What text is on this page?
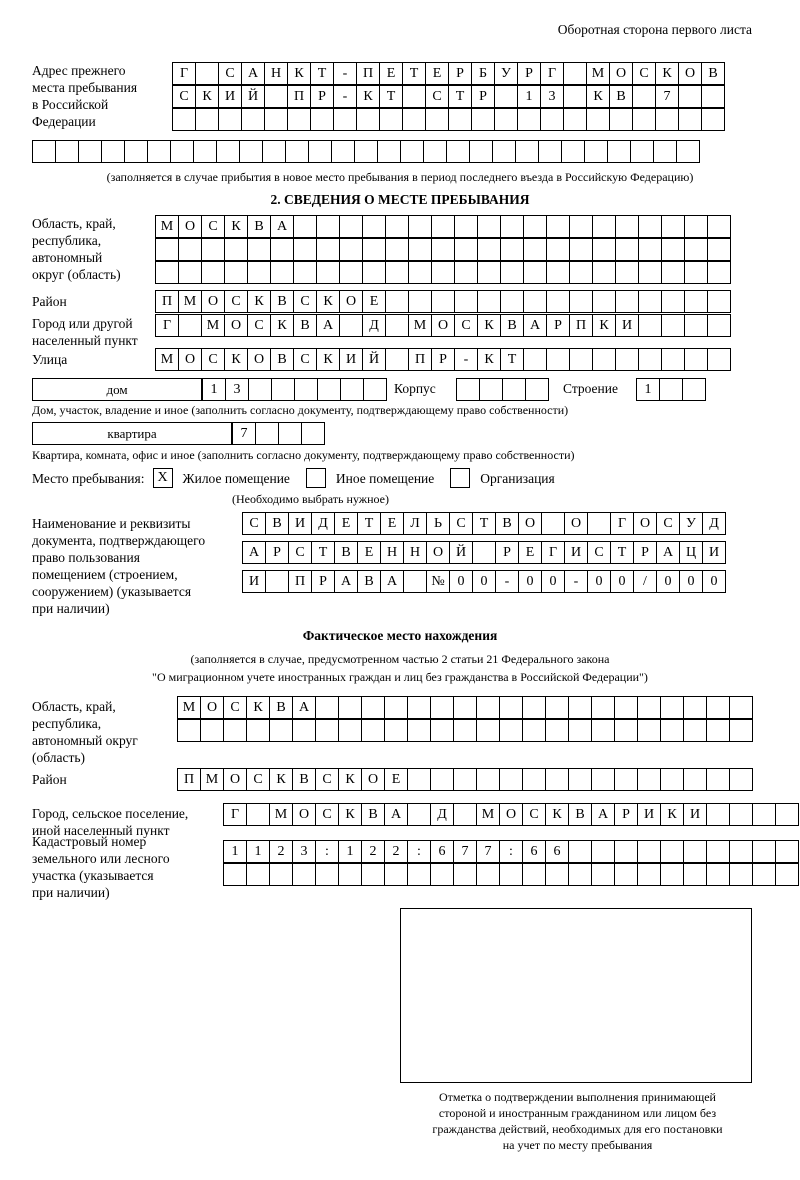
Оборотная сторона первого листа
Адрес прежнего
места пребывания
в Российской
Федерации
Г	С А Н К	Т	-	П Е	Т	Е	Р	Б	У	Р	Г	М О С К О В
С К И Й	П	Р	-	К	Т	С	Т	Р	1	3	К В	7
(заполняется в случае прибытия в новое место пребывания в период последнего въезда в Российскую Федерацию)
2. СВЕДЕНИЯ О МЕСТЕ ПРЕБЫВАНИЯ
Область, край,
республика,
автономный
округ (область)
М О С К В А
Район	П М О С К В С К О Е
Город или другой
населенный пункт
Г	М О С К В А	Д	М О С К В А	Р	П К И
Улица	М О С К О В С К И Й	П	Р	-	К	Т
дом	1	3	Корпус	Строение	1
Дом, участок, владение и иное (заполнить согласно документу, подтверждающему право собственности)
квартира	7
Квартира, комната, офис и иное (заполнить согласно документу, подтверждающему право собственности)
Место пребывания: X	Жилое помещение	Иное помещение	Организация
(Необходимо выбрать нужное)
Наименование и реквизиты
документа, подтверждающего
право пользования
помещением (строением,
сооружением) (указывается
при наличии)
С В И Д Е	Т	Е Л	Ь	С	Т	В О	О	Г О С У Д
А	Р	С	Т	В	Е Н Н О Й	Р	Е	Г И С	Т	Р	А Ц И
И	П	Р	А В А	№ 0	0	-	0	0	-	0	0	/	0	0	0
Фактическое место нахождения
(заполняется в случае, предусмотренном частью 2 статьи 21 Федерального закона
"О миграционном учете иностранных граждан и лиц без гражданства в Российской Федерации")
Область, край,
республика,
автономный округ
(область)
М О С К В А
Район	П М О С К В С К О Е
Город, сельское поселение,
иной населенный пункт
Г	М О С К В А	Д	М О С К В А	Р	И К И
Кадастровый номер
земельного или лесного
участка (указывается
при наличии)
1	1	2	3	:	1	2	2	:	6	7	7	:	6	6
Отметка о подтверждении выполнения принимающей
стороной и иностранным гражданином или лицом без
гражданства действий, необходимых для его постановки
на учет по месту пребывания
